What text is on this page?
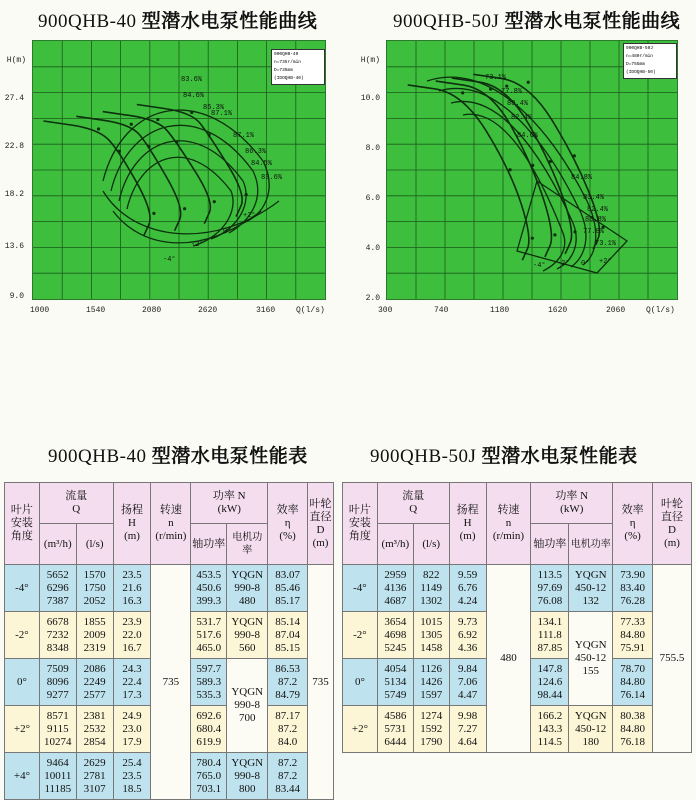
900QHB-40 型潜水电泵性能曲线	900QHB-50J 型潜水电泵性能曲线
H(m)
27.4
22.8
18.2
13.6
9.0
83.6%
84.6%
85.3%
87.1%
87.1%
86.3%
84.5%
83.6%
+2°
0°
-2°
-4°
900QHB-40
n=735r/min
D=735mm
(IDOQHB-40)
1000	1540	2080	2620	3160	Q(l/s)
H(m)
10.0
8.0
6.0
4.0
2.0
73.1%
77.8%
80.4%
82.4%
84.6%
84.8%
83.4%
82.4%
80.8%
77.8%
73.1%
-4° -2° 0° +2°
900QHB-50J
n=480r/min
D=755mm
(IDOQHB-50)
300	740	1180	1620	2060	Q(l/s)
900QHB-40 型潜水电泵性能表	900QHB-50J 型潜水电泵性能表
叶片
安装
角度	流量
Q		扬程
H
(m)	转速
n
(r/min)	功率 N
(kW)		效率
η
(%)	叶轮
直径
D
(m)

	(m³/h)	(l/s)			轴功率	电机功率		
-4°	5652
6296
7387	1570
1750
2052	23.5
21.6
16.3	735	453.5
450.6
399.3	YQGN
990-8
480	83.07
85.46
85.17	735
-2°	6678
7232
8348	1855
2009
2319	23.9
22.0
16.7		531.7
517.6
465.0	YQGN
990-8
560	85.14
87.04
85.15	

0°	7509
8096
9277	2086
2249
2577	24.3
22.4
17.3		597.7
589.3
535.3	YQGN
990-8
700	86.53
87.2
84.79	

+2°	8571
9115
10274	2381
2532
2854	24.9
23.0
17.9		692.6
680.4
619.9		87.17
87.2
84.0	

+4°	9464
10011
11185	2629
2781
3107	25.4
23.5
18.5		780.4
765.0
703.1	YQGN
990-8
800	87.2
87.2
83.44	
叶片
安装
角度	流量
Q		扬程
H
(m)	转速
n
(r/min)	功率 N
(kW)		效率
η
(%)	叶轮
直径
D
(m)

	(m³/h)	(l/s)			轴功率	电机功率		
-4°	2959
4136
4687	822
1149
1302	9.59
6.76
4.24	480	113.5
97.69
76.08	YQGN
450-12
132	73.90
83.40
76.28	755.5
-2°	3654
4698
5245	1015
1305
1458	9.73
6.92
4.36		134.1
111.8
87.85	YQGN
450-12
155	77.33
84.80
75.91	

0°	4054
5134
5749	1126
1426
1597	9.84
7.06
4.47		147.8
124.6
98.44		78.70
84.80
76.14	

+2°	4586
5731
6444	1274
1592
1790	9.98
7.27
4.64		166.2
143.3
114.5	YQGN
450-12
180	80.38
84.80
76.18	
